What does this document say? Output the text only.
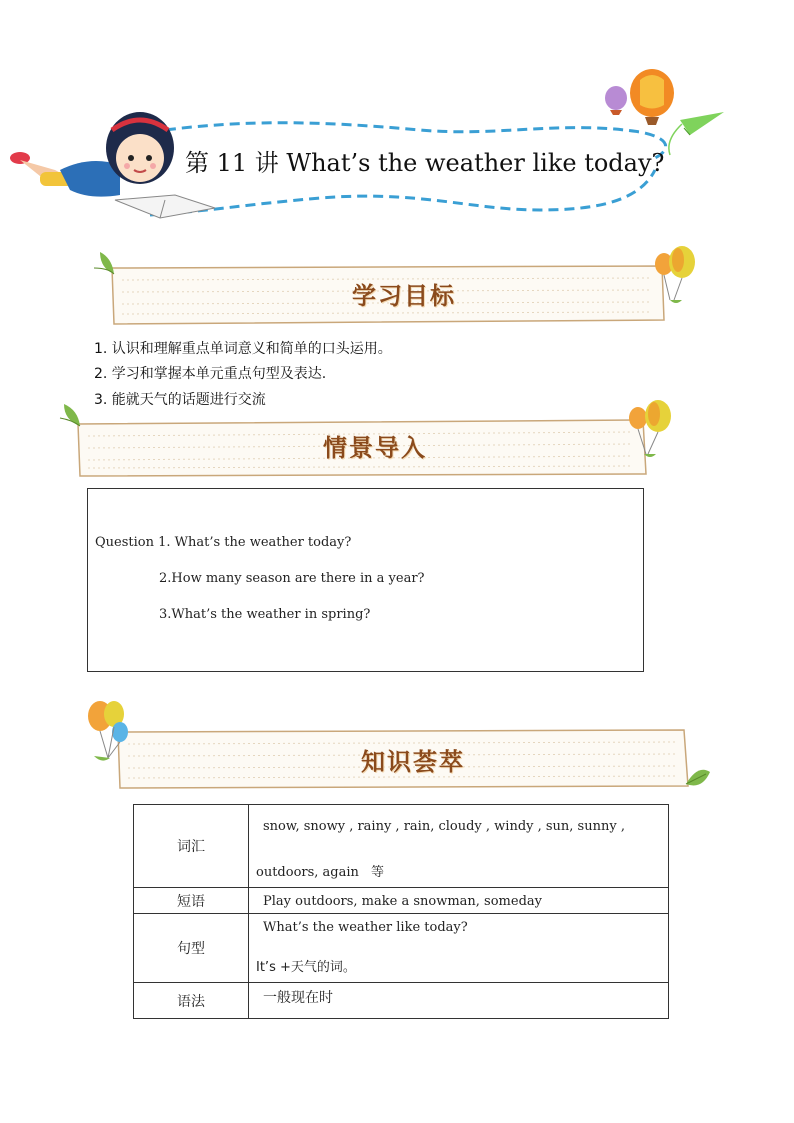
第 11 讲 What’s the weather like today?
学习目标
1. 认识和理解重点单词意义和简单的口头运用。
2. 学习和掌握本单元重点句型及表达.
3. 能就天气的话题进行交流
情景导入
Question 1. What’s the weather today?
2.How many season are there in a year?
3.What’s the weather in spring?
知识荟萃
词汇	snow, snowy , rainy , rain, cloudy , windy , sun, sunny ,
outdoors, again 等

短语	Play outdoors, make a snowman, someday

句型	What’s the weather like today?
It’s +天气的词。

语法	一般现在时
